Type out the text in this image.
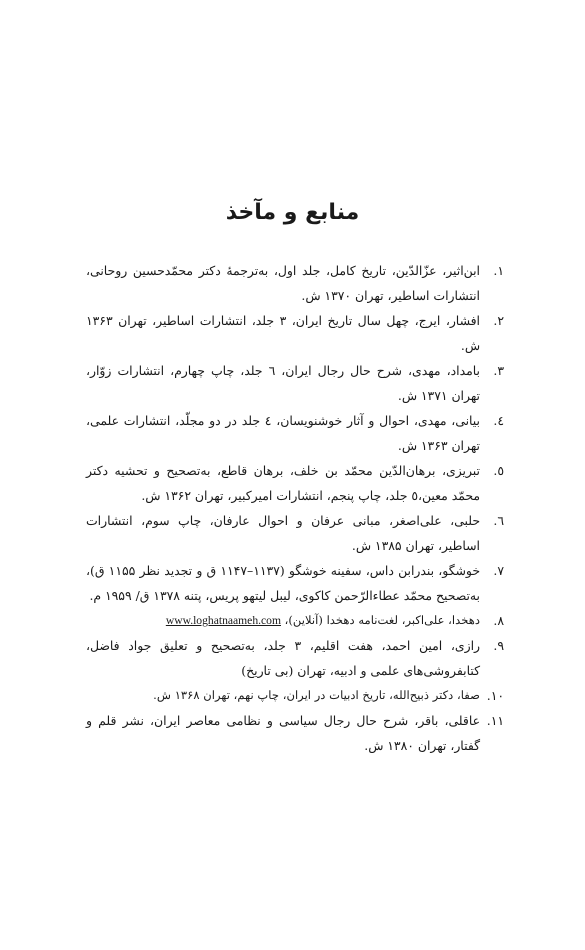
منابع و مآخذ
١.
ابن‌اثیر، عزّالدّین، تاریخ کامل، جلد اول، به‌ترجمهٔ دکتر محمّدحسین روحانی، انتشارات اساطیر، تهران ۱۳۷۰ ش.
٢.
افشار، ایرج، چهل سال تاریخ ایران، ۳ جلد، انتشارات اساطیر، تهران ۱۳۶۳ ش.
٣.
بامداد، مهدی، شرح حال رجال ایران، ٦ جلد، چاپ چهارم، انتشارات زوّار، تهران ۱۳۷۱ ش.
٤.
بیانی، مهدی، احوال و آثار خوشنویسان، ٤ جلد در دو مجلّد، انتشارات علمی، تهران ۱۳۶۳ ش.
٥.
تبریزی، برهان‌الدّین محمّد بن خلف، برهان قاطع، به‌تصحیح و تحشیه دکتر محمّد معین،٥ جلد، چاپ پنجم، انتشارات امیرکبیر، تهران ۱۳۶۲ ش.
٦.
حلبی، علی‌اصغر، مبانی عرفان و احوال عارفان، چاپ سوم، انتشارات اساطیر، تهران ۱۳۸۵ ش.
٧.
خوشگو، بندرابن داس، سفینه خوشگو (۱۱۳۷–۱۱۴۷ ق و تجدید نظر ۱۱۵۵ ق)، به‌تصحیح محمّد عطاءالرّحمن کاکوی، لیبل لیتهو پریس، پتنه ۱۳۷۸ ق/ ۱۹۵۹ م.
٨.
دهخدا، علی‌اکبر، لغت‌نامه دهخدا (آنلاین)، www.loghatnaameh.com
٩.
رازی، امین احمد، هفت اقلیم، ۳ جلد، به‌تصحیح و تعلیق جواد فاضل، کتابفروشی‌های علمی و ادبیه، تهران (بی تاریخ)
١٠.
صفا، دکتر ذبیح‌الله، تاریخ ادبیات در ایران، چاپ نهم، تهران ۱۳۶۸ ش.
١١.
عاقلی، باقر، شرح حال رجال سیاسی و نظامی معاصر ایران، نشر قلم و گفتار، تهران ۱۳۸۰ ش.
